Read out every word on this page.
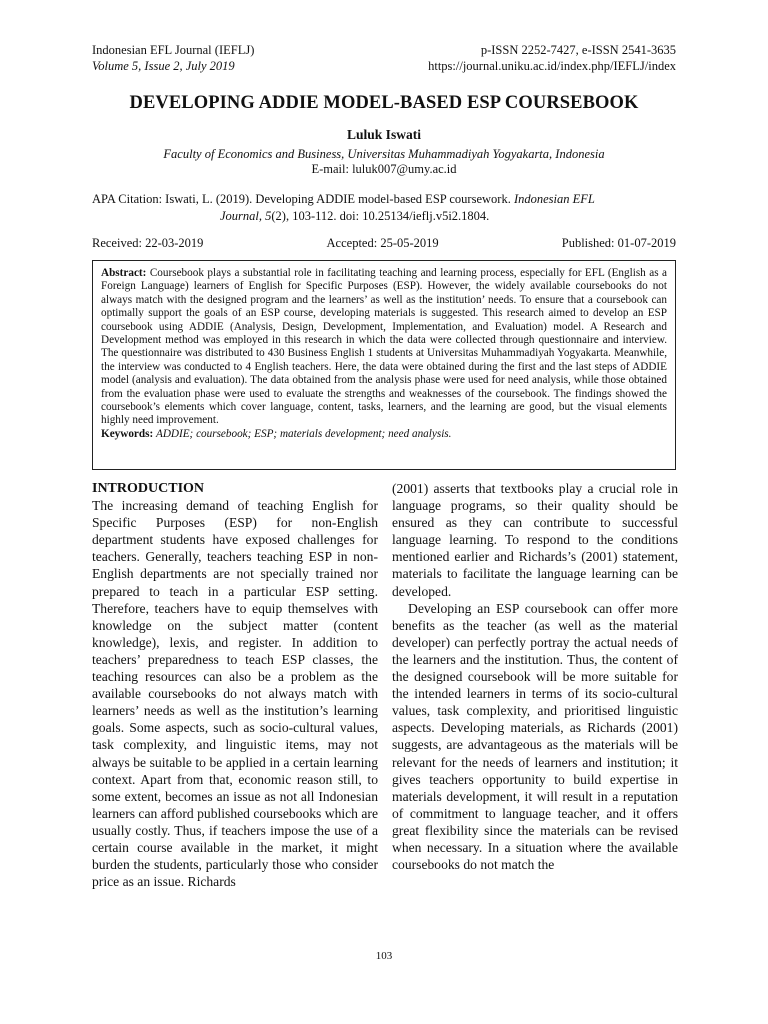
Indonesian EFL Journal (IEFLJ)	p-ISSN 2252-7427, e-ISSN 2541-3635
Volume 5, Issue 2, July 2019	https://journal.uniku.ac.id/index.php/IEFLJ/index
DEVELOPING ADDIE MODEL-BASED ESP COURSEBOOK
Luluk Iswati
Faculty of Economics and Business, Universitas Muhammadiyah Yogyakarta, Indonesia
E-mail: luluk007@umy.ac.id
APA Citation: Iswati, L. (2019). Developing ADDIE model-based ESP coursework. Indonesian EFL
Journal, 5(2), 103-112. doi: 10.25134/ieflj.v5i2.1804.
Received: 22-03-2019	Accepted: 25-05-2019	Published: 01-07-2019
Abstract: Coursebook plays a substantial role in facilitating teaching and learning process, especially for EFL (English as a Foreign Language) learners of English for Specific Purposes (ESP). However, the widely available coursebooks do not always match with the designed program and the learners’ as well as the institution’ needs. To ensure that a coursebook can optimally support the goals of an ESP course, developing materials is suggested. This research aimed to develop an ESP coursebook using ADDIE (Analysis, Design, Development, Implementation, and Evaluation) model. A Research and Development method was employed in this research in which the data were collected through questionnaire and interview. The questionnaire was distributed to 430 Business English 1 students at Universitas Muhammadiyah Yogyakarta. Meanwhile, the interview was conducted to 4 English teachers. Here, the data were obtained during the first and the last steps of ADDIE model (analysis and evaluation). The data obtained from the analysis phase were used for need analysis, while those obtained from the evaluation phase were used to evaluate the strengths and weaknesses of the coursebook. The findings showed the coursebook’s elements which cover language, content, tasks, learners, and the learning are good, but the visual elements highly need improvement.
Keywords: ADDIE; coursebook; ESP; materials development; need analysis.
INTRODUCTION

The increasing demand of teaching English for Specific Purposes (ESP) for non-English department students have exposed challenges for teachers. Generally, teachers teaching ESP in non-English departments are not specially trained nor prepared to teach in a particular ESP setting. Therefore, teachers have to equip themselves with knowledge on the subject matter (content knowledge), lexis, and register. In addition to teachers’ preparedness to teach ESP classes, the teaching resources can also be a problem as the available coursebooks do not always match with learners’ needs as well as the institution’s learning goals. Some aspects, such as socio-cultural values, task complexity, and linguistic items, may not always be suitable to be applied in a certain learning context. Apart from that, economic reason still, to some extent, becomes an issue as not all Indonesian learners can afford published coursebooks which are usually costly. Thus, if teachers impose the use of a certain course available in the market, it might burden the students, particularly those who consider price as an issue. Richards

(2001) asserts that textbooks play a crucial role in language programs, so their quality should be ensured as they can contribute to successful language learning. To respond to the conditions mentioned earlier and Richards’s (2001) statement, materials to facilitate the language learning can be developed.

Developing an ESP coursebook can offer more benefits as the teacher (as well as the material developer) can perfectly portray the actual needs of the learners and the institution. Thus, the content of the designed coursebook will be more suitable for the intended learners in terms of its socio-cultural values, task complexity, and prioritised linguistic aspects. Developing materials, as Richards (2001) suggests, are advantageous as the materials will be relevant for the needs of learners and institution; it gives teachers opportunity to build expertise in materials development, it will result in a reputation of commitment to language teacher, and it offers great flexibility since the materials can be revised when necessary. In a situation where the available coursebooks do not match the

103
